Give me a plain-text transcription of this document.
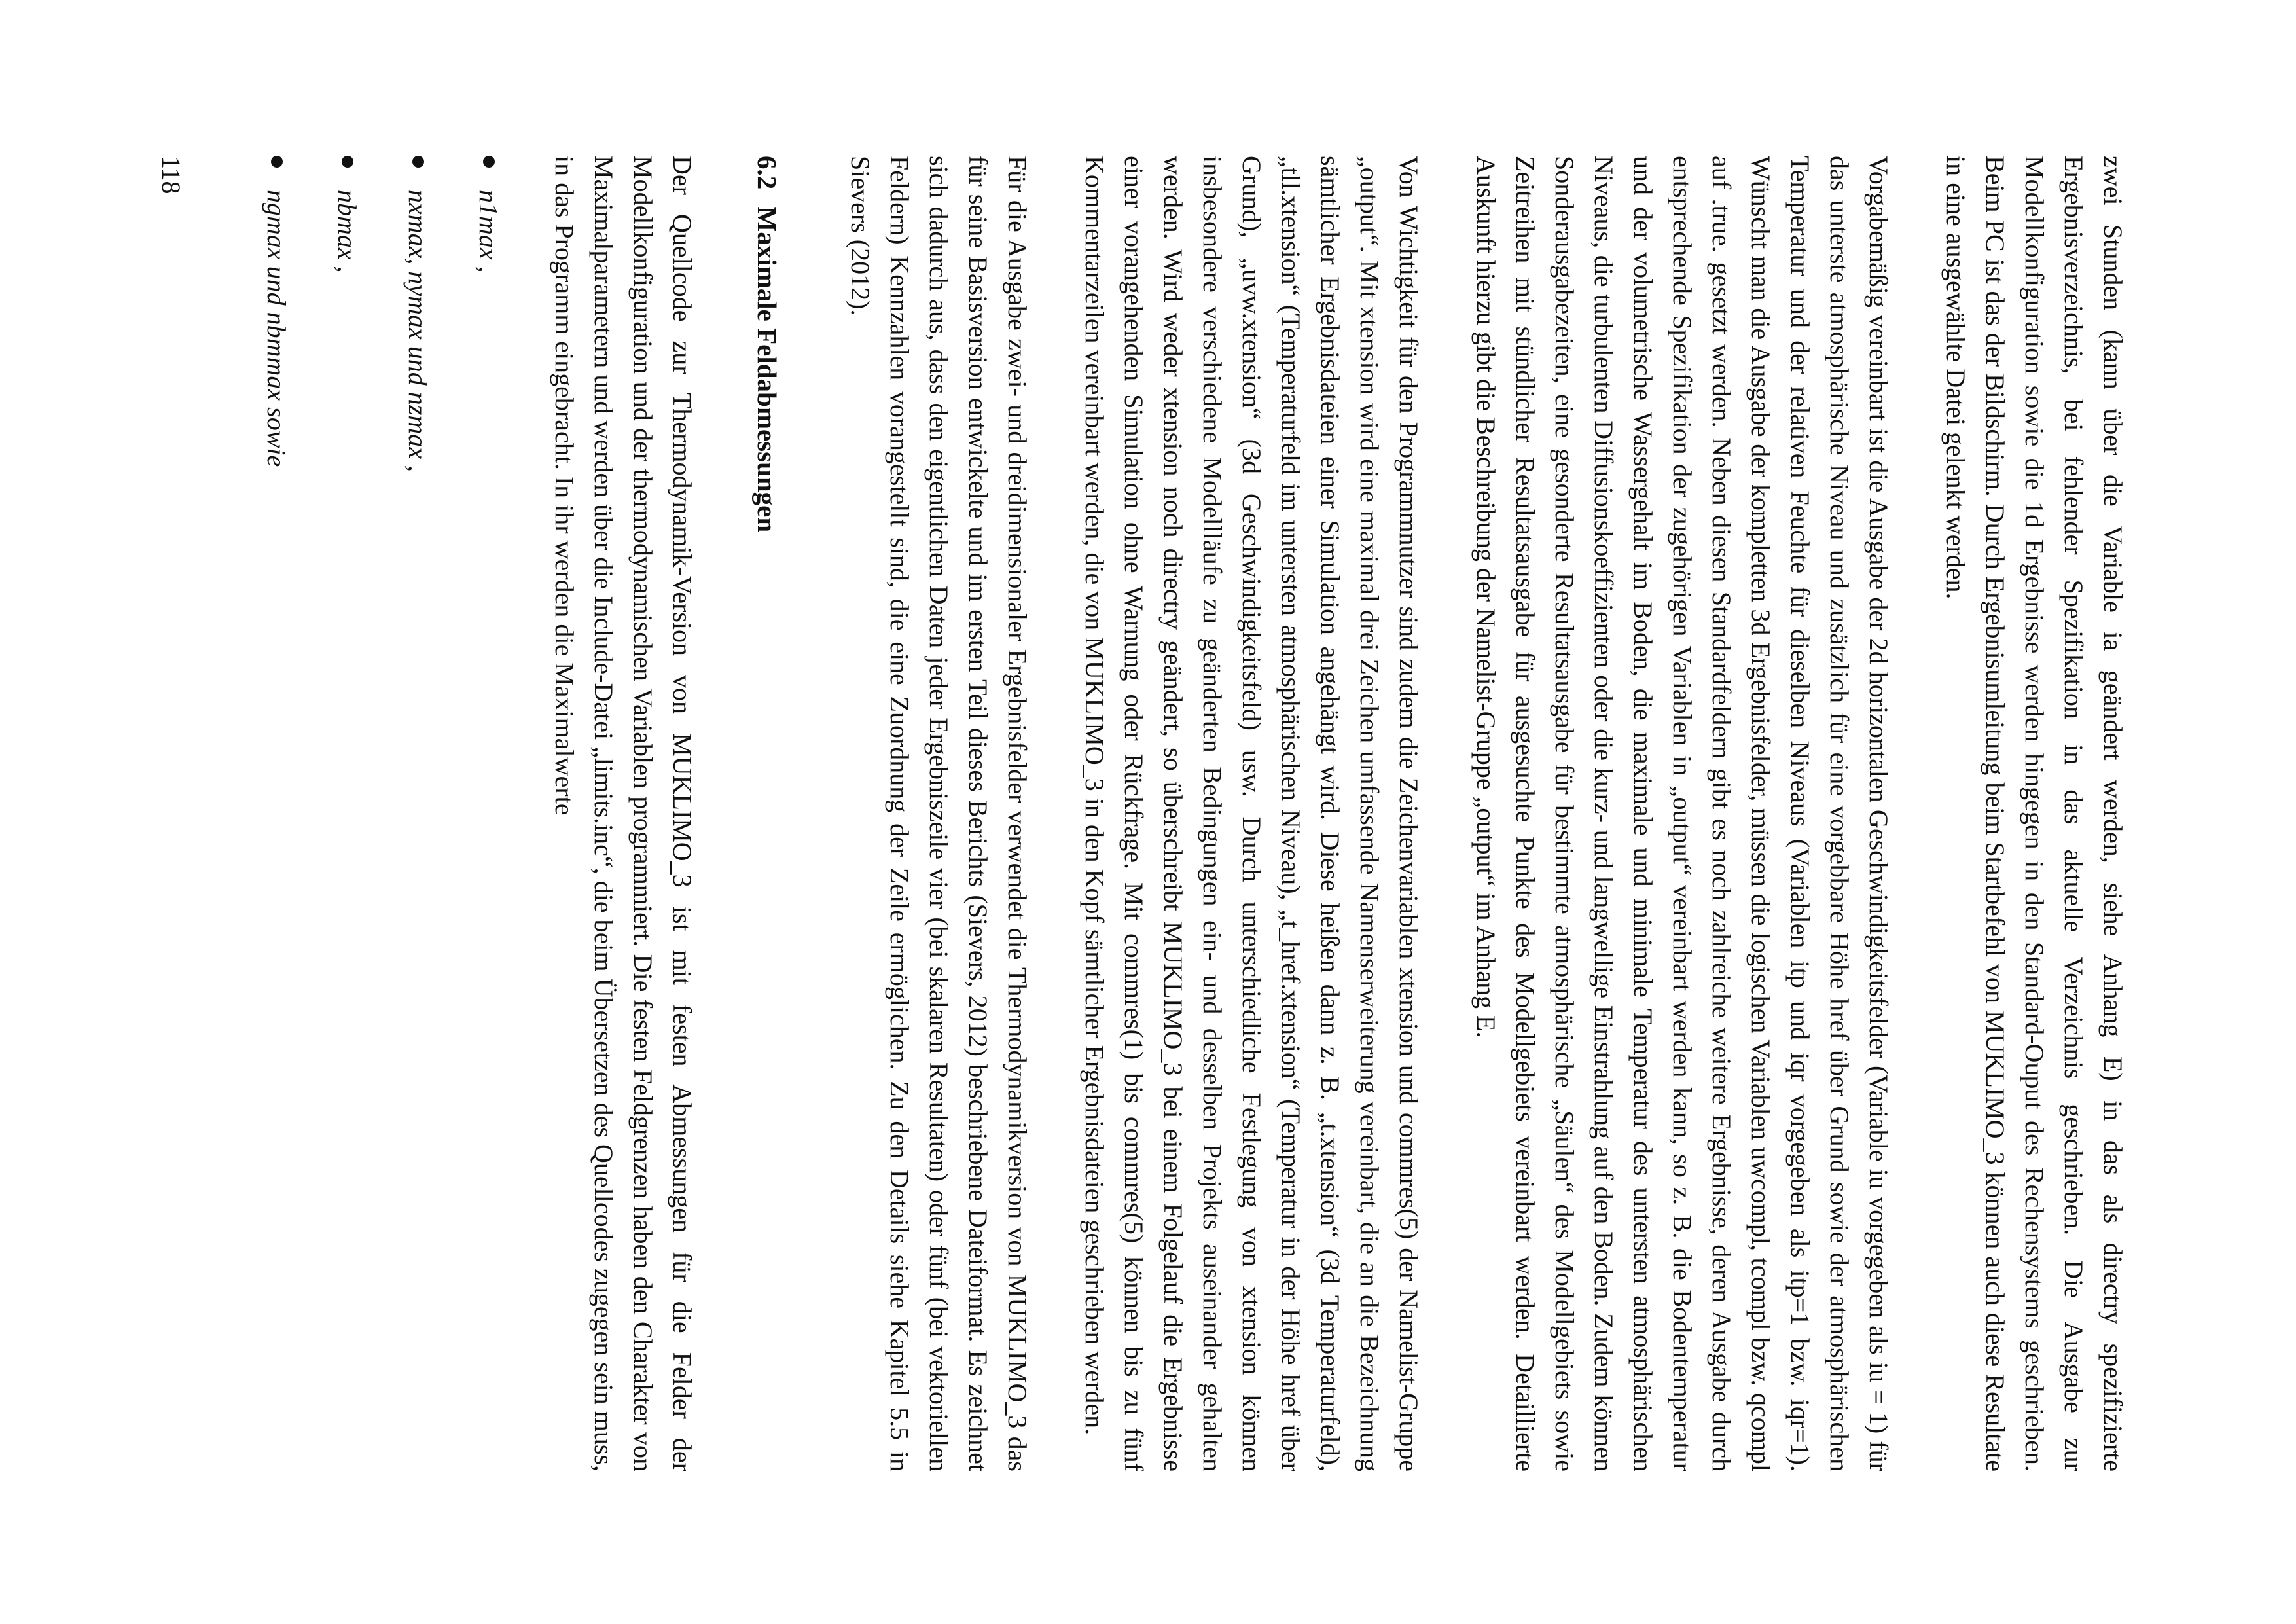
zwei Stunden (kann über die Variable ia geändert werden, siehe Anhang E) in das als directry spezifizierte Ergebnisverzeichnis, bei fehlender Spezifikation in das aktuelle Verzeichnis geschrieben. Die Ausgabe zur Modellkonfiguration sowie die 1d Ergebnisse werden hingegen in den Standard-Ouput des Rechensystems geschrieben. Beim PC ist das der Bildschirm. Durch Ergebnisumleitung beim Startbefehl von MUKLIMO_3 können auch diese Resultate in eine ausgewählte Datei gelenkt werden.

Vorgabemäßig vereinbart ist die Ausgabe der 2d horizontalen Geschwindigkeitsfelder (Variable iu vorgegeben als iu = 1) für das unterste atmosphärische Niveau und zusätzlich für eine vorgebbare Höhe href über Grund sowie der atmosphärischen Temperatur und der relativen Feuchte für dieselben Niveaus (Variablen itp und iqr vorgegeben als itp=1 bzw. iqr=1). Wünscht man die Ausgabe der kompletten 3d Ergebnisfelder, müssen die logischen Variablen uwcompl, tcompl bzw. qcompl auf .true. gesetzt werden. Neben diesen Standardfeldern gibt es noch zahlreiche weitere Ergebnisse, deren Ausgabe durch entsprechende Spezifikation der zugehörigen Variablen in „output“ vereinbart werden kann, so z. B. die Bodentemperatur und der volumetrische Wassergehalt im Boden, die maximale und minimale Temperatur des untersten atmosphärischen Niveaus, die turbulenten Diffusionskoeffizienten oder die kurz- und langwellige Einstrahlung auf den Boden. Zudem können Sonderausgabezeiten, eine gesonderte Resultatsausgabe für bestimmte atmosphärische „Säulen“ des Modellgebiets sowie Zeitreihen mit stündlicher Resultatsausgabe für ausgesuchte Punkte des Modellgebiets vereinbart werden. Detaillierte Auskunft hierzu gibt die Beschreibung der Namelist-Gruppe „output“ im Anhang E.

Von Wichtigkeit für den Programmnutzer sind zudem die Zeichenvariablen xtension und commres(5) der Namelist-Gruppe „output“. Mit xtension wird eine maximal drei Zeichen umfassende Namenserweiterung vereinbart, die an die Bezeichnung sämtlicher Ergebnisdateien einer Simulation angehängt wird. Diese heißen dann z. B. „t.xtension“ (3d Temperaturfeld), „tll.xtension“ (Temperaturfeld im untersten atmosphärischen Niveau), „t_href.xtension“ (Temperatur in der Höhe href über Grund), „uvw.xtension“ (3d Geschwindigkeitsfeld) usw. Durch unterschiedliche Festlegung von xtension können insbesondere verschiedene Modellläufe zu geänderten Bedingungen ein- und desselben Projekts auseinander gehalten werden. Wird weder xtension noch directry geändert, so überschreibt MUKLIMO_3 bei einem Folgelauf die Ergebnisse einer vorangehenden Simulation ohne Warnung oder Rückfrage. Mit commres(1) bis commres(5) können bis zu fünf Kommentarzeilen vereinbart werden, die von MUKLIMO_3 in den Kopf sämtlicher Ergebnisdateien geschrieben werden.

Für die Ausgabe zwei- und dreidimensionaler Ergebnisfelder verwendet die Thermodynamikversion von MUKLIMO_3 das für seine Basisversion entwickelte und im ersten Teil dieses Berichts (Sievers, 2012) beschriebene Dateiformat. Es zeichnet sich dadurch aus, dass den eigentlichen Daten jeder Ergebniszeile vier (bei skalaren Resultaten) oder fünf (bei vektoriellen Feldern) Kennzahlen vorangestellt sind, die eine Zuordnung der Zeile ermöglichen. Zu den Details siehe Kapitel 5.5 in Sievers (2012).

6.2 Maximale Feldabmessungen

Der Quellcode zur Thermodynamik-Version von MUKLIMO_3 ist mit festen Abmessungen für die Felder der Modellkonfiguration und der thermodynamischen Variablen programmiert. Die festen Feldgrenzen haben den Charakter von Maximalparametern und werden über die Include-Datei „limits.inc“, die beim Übersetzen des Quellcodes zugegen sein muss, in das Programm eingebracht. In ihr werden die Maximalwerte

n1max ,
nxmax, nymax und nzmax ,
nbmax ,
ngmax und nbmmax sowie
118
